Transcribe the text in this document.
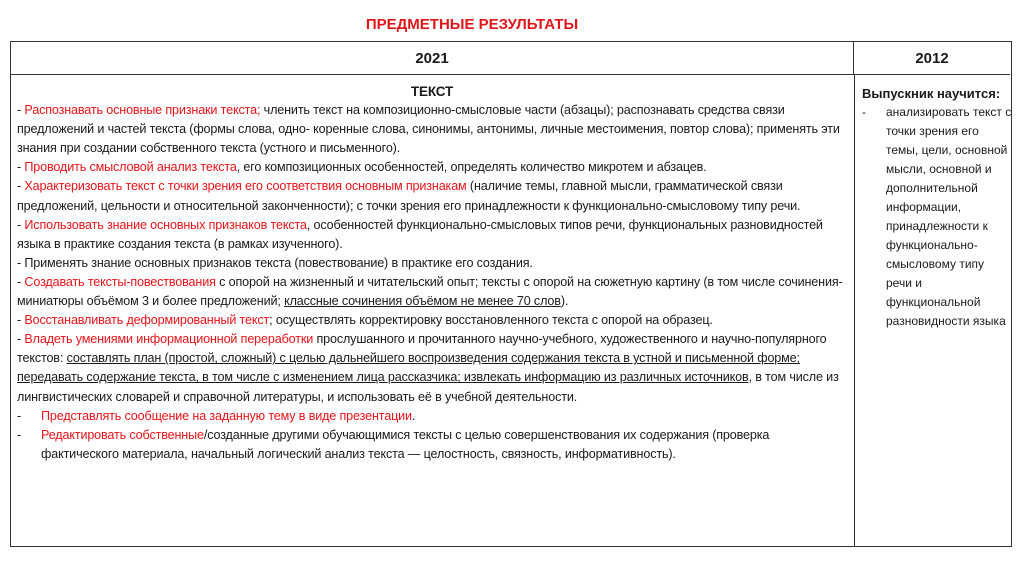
ПРЕДМЕТНЫЕ РЕЗУЛЬТАТЫ
2021	2012
ТЕКСТ
- Распознавать основные признаки текста; членить текст на композиционно-смысловые части (абзацы); распознавать средства связи предложений и частей текста (формы слова, одно- коренные слова, синонимы, антонимы, личные местоимения, повтор слова); применять эти знания при создании собственного текста (устного и письменного).
- Проводить смысловой анализ текста, его композиционных особенностей, определять количество микротем и абзацев.
- Характеризовать текст с точки зрения его соответствия основным признакам (наличие темы, главной мысли, грамматической связи предложений, цельности и относительной законченности); с точки зрения его принадлежности к функционально-смысловому типу речи.
- Использовать знание основных признаков текста, особенностей функционально-смысловых типов речи, функциональных разновидностей языка в практике создания текста (в рамках изученного).
- Применять знание основных признаков текста (повествование) в практике его создания.
- Создавать тексты-повествования с опорой на жизненный и читательский опыт; тексты с опорой на сюжетную картину (в том числе сочинения-миниатюры объёмом 3 и более предложений; классные сочинения объёмом не менее 70 слов).
- Восстанавливать деформированный текст; осуществлять корректировку восстановленного текста с опорой на образец.
- Владеть умениями информационной переработки прослушанного и прочитанного научно-учебного, художественного и научно-популярного текстов: составлять план (простой, сложный) с целью дальнейшего воспроизведения содержания текста в устной и письменной форме; передавать содержание текста, в том числе с изменением лица рассказчика; извлекать информацию из различных источников, в том числе из лингвистических словарей и справочной литературы, и использовать её в учебной деятельности.
- Представлять сообщение на заданную тему в виде презентации.
- Редактировать собственные/созданные другими обучающимися тексты с целью совершенствования их содержания (проверка фактического материала, начальный логический анализ текста — целостность, связность, информативность).
Выпускник научится:
-	анализировать текст с точки зрения его темы, цели, основной мысли, основной и дополнительной информации, принадлежности к функционально-смысловому типу речи и функциональной разновидности языка
